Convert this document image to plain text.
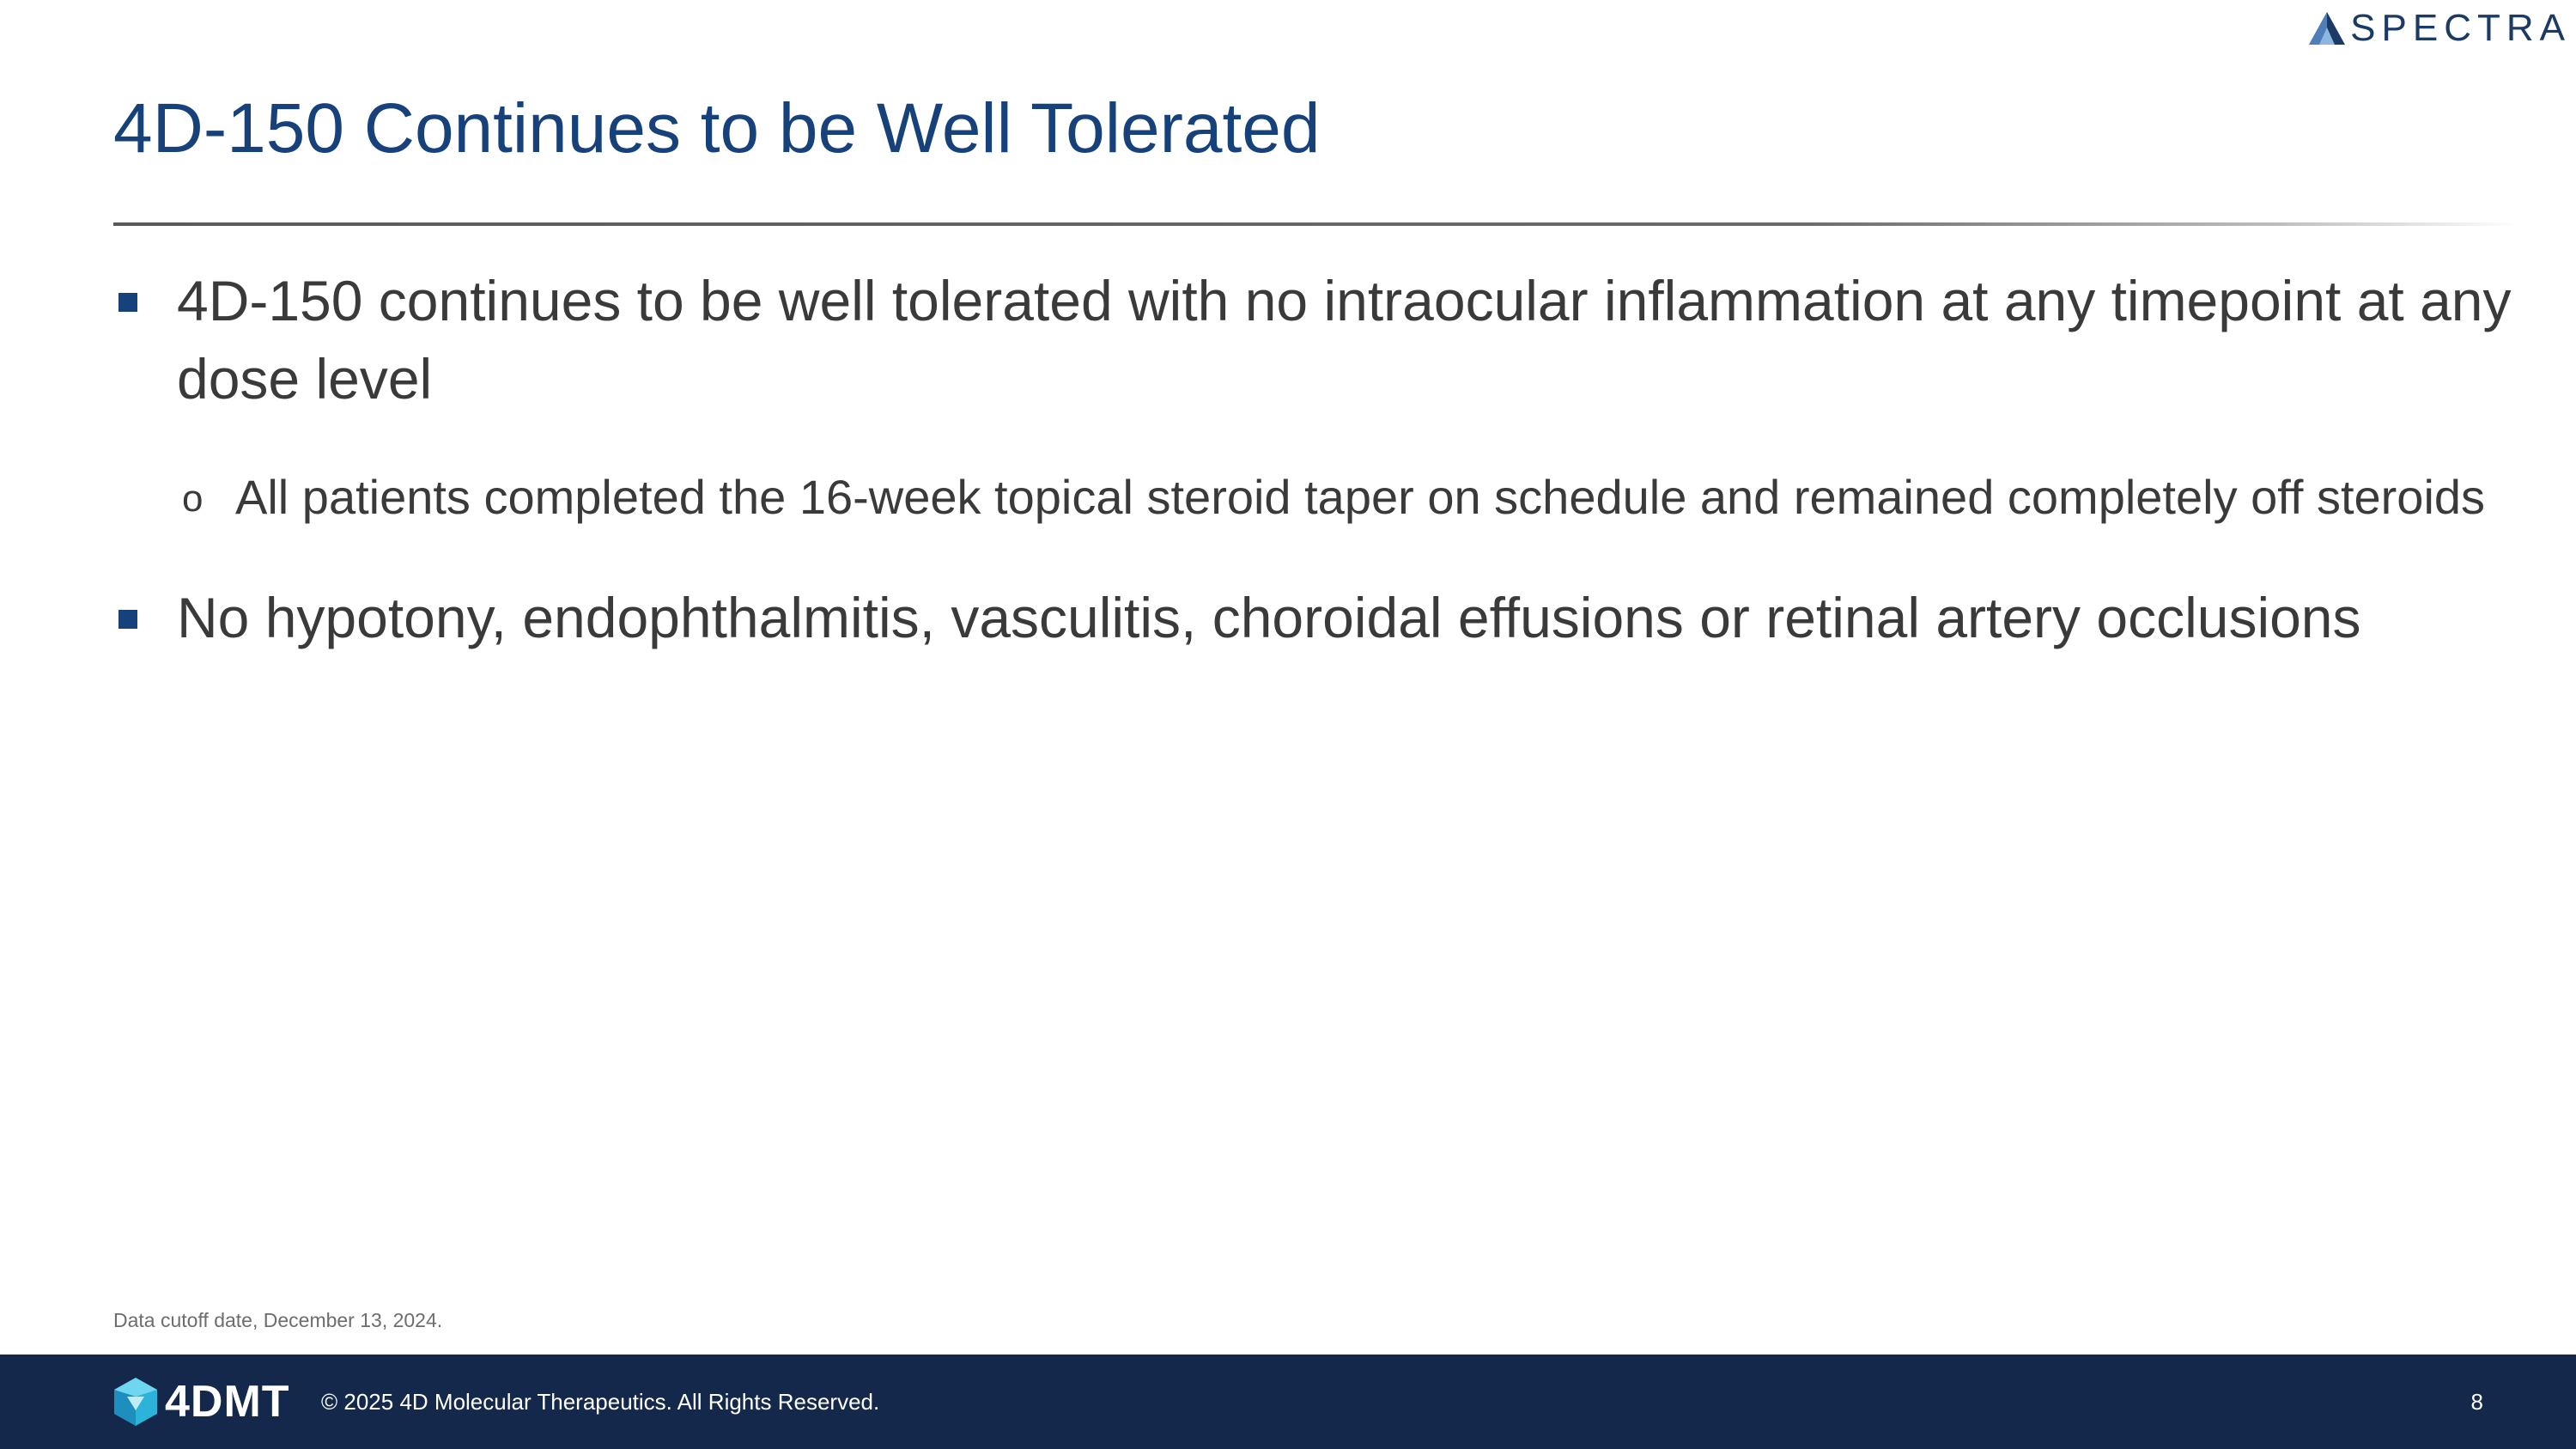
SPECTRA
4D-150 Continues to be Well Tolerated
4D-150 continues to be well tolerated with no intraocular inflammation at any timepoint at any dose level
o All patients completed the 16-week topical steroid taper on schedule and remained completely off steroids
No hypotony, endophthalmitis, vasculitis, choroidal effusions or retinal artery occlusions
Data cutoff date, December 13, 2024.
4DMT © 2025 4D Molecular Therapeutics. All Rights Reserved.	8
